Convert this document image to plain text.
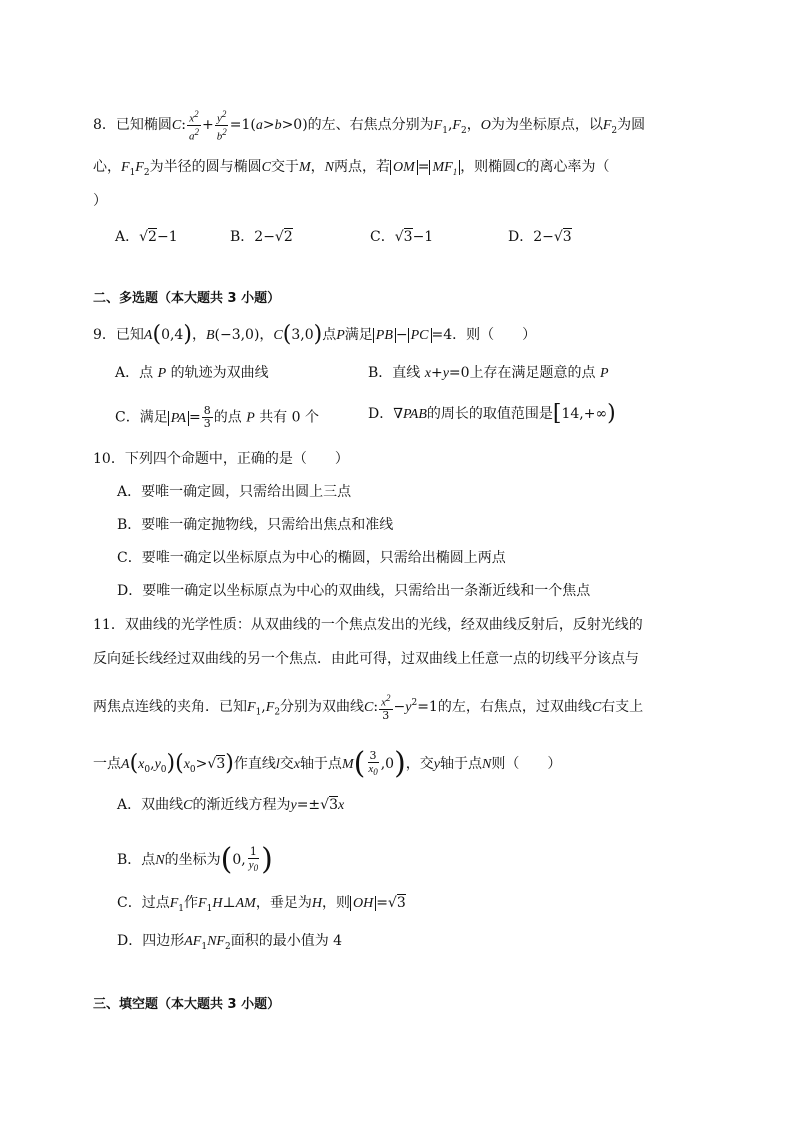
8．已知椭圆C: $\frac{x^2}{a^2} + \frac{y^2}{b^2} =1(a>b>0)$的左、右焦点分别为$F_1,F_2$，O为为坐标原点，以$F_2$为圆
心，$F_1F_2$为半径的圆与椭圆C交于M，N两点，若 OM = $MF_1$ ，则椭圆C的离心率为（
）
A．√2−1	B．2−√2	C．√3−1	D．2−√3
二、多选题（本大题共 3 小题）
9．已知A(0,4)，B(−3,0)，C(3,0)点P满足 PB − PC =4．则（　　）
A．点 P 的轨迹为双曲线	B．直线 x+y=0上存在满足题意的点 P
C．满足 PA = $\frac{8}{3}$ 的点 P 共有 0 个	D．∇PAB的周长的取值范围是[14,+∞)
10．下列四个命题中，正确的是（　　）
A．要唯一确定圆，只需给出圆上三点
B．要唯一确定抛物线，只需给出焦点和准线
C．要唯一确定以坐标原点为中心的椭圆，只需给出椭圆上两点
D．要唯一确定以坐标原点为中心的双曲线，只需给出一条渐近线和一个焦点
11．双曲线的光学性质：从双曲线的一个焦点发出的光线，经双曲线反射后，反射光线的
反向延长线经过双曲线的另一个焦点．由此可得，过双曲线上任意一点的切线平分该点与
两焦点连线的夹角．已知$F_1,F_2$分别为双曲线C: $\frac{x^2}{3} -y^2=1$的左，右焦点，过双曲线C右支上
一点$A(x_0,y_0)(x_0>√3)$作直线l交x轴于点$M( \frac{3}{x_0} ,0)$，交y轴于点N则（　　）
A．双曲线C的渐近线方程为y=±√3x
B．点N的坐标为(0, $\frac{1}{y_0}$ )
C．过点$F_1$作$F_1H\perp AM$，垂足为H，则 OH =√3
D．四边形$AF_1NF_2$面积的最小值为 4
三、填空题（本大题共 3 小题）
